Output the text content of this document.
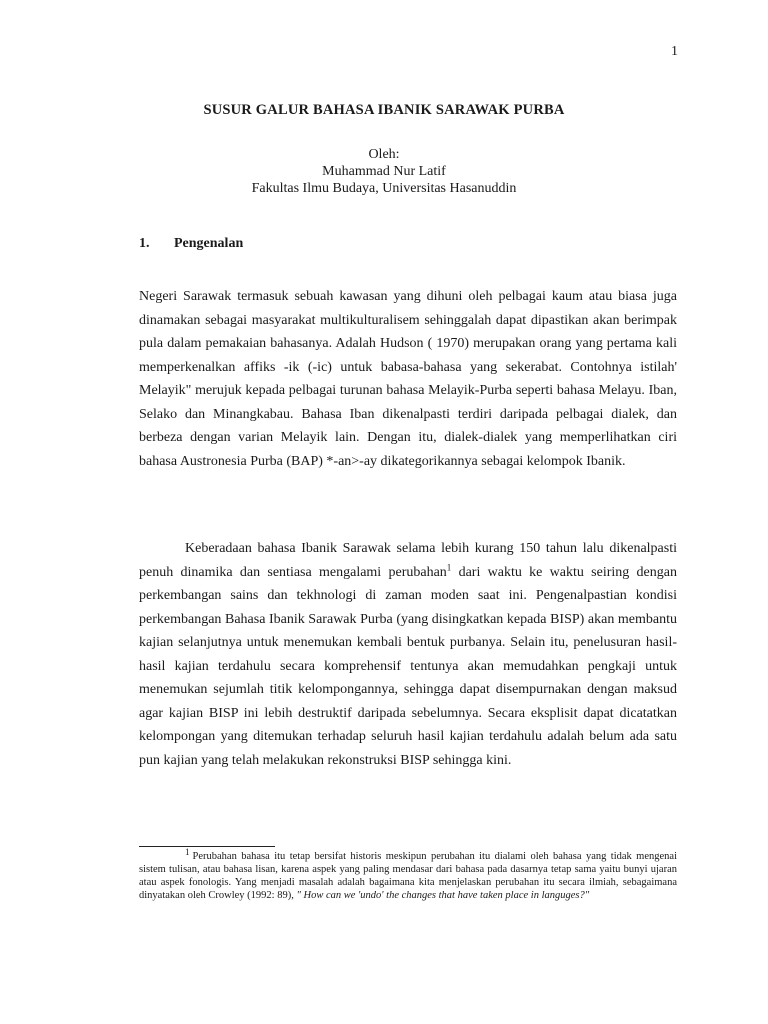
1
SUSUR GALUR BAHASA IBANIK SARAWAK PURBA
Oleh:
Muhammad Nur Latif
Fakultas Ilmu Budaya, Universitas Hasanuddin
1. Pengenalan

Negeri Sarawak termasuk sebuah kawasan yang dihuni oleh pelbagai kaum atau biasa juga dinamakan sebagai masyarakat multikulturalisem sehinggalah dapat dipastikan akan berimpak pula dalam pemakaian bahasanya. Adalah Hudson ( 1970) merupakan orang yang pertama kali memperkenalkan affiks -ik (-ic) untuk babasa-bahasa yang sekerabat. Contohnya istilah' Melayik" merujuk kepada pelbagai turunan bahasa Melayik-Purba seperti bahasa Melayu. Iban, Selako dan Minangkabau. Bahasa Iban dikenalpasti terdiri daripada pelbagai dialek, dan berbeza dengan varian Melayik lain. Dengan itu, dialek-dialek yang memperlihatkan ciri bahasa Austronesia Purba (BAP) *-an>-ay dikategorikannya sebagai kelompok Ibanik.

Keberadaan bahasa Ibanik Sarawak selama lebih kurang 150 tahun lalu dikenalpasti penuh dinamika dan sentiasa mengalami perubahan$^1$ dari waktu ke waktu seiring dengan perkembangan sains dan tekhnologi di zaman moden saat ini. Pengenalpastian kondisi perkembangan Bahasa Ibanik Sarawak Purba (yang disingkatkan kepada BISP) akan membantu kajian selanjutnya untuk menemukan kembali bentuk purbanya. Selain itu, penelusuran hasil-hasil kajian terdahulu secara komprehensif tentunya akan memudahkan pengkaji untuk menemukan sejumlah titik kelompongannya, sehingga dapat disempurnakan dengan maksud agar kajian BISP ini lebih destruktif daripada sebelumnya. Secara eksplisit dapat dicatatkan kelompongan yang ditemukan terhadap seluruh hasil kajian terdahulu adalah belum ada satu pun kajian yang telah melakukan rekonstruksi BISP sehingga kini.

1 Perubahan bahasa itu tetap bersifat historis meskipun perubahan itu dialami oleh bahasa yang tidak mengenai sistem tulisan, atau bahasa lisan, karena aspek yang paling mendasar dari bahasa pada dasarnya tetap sama yaitu bunyi ujaran atau aspek fonologis. Yang menjadi masalah adalah bagaimana kita menjelaskan perubahan itu secara ilmiah, sebagaimana dinyatakan oleh Crowley (1992: 89), " How can we 'undo' the changes that have taken place in languges?"
